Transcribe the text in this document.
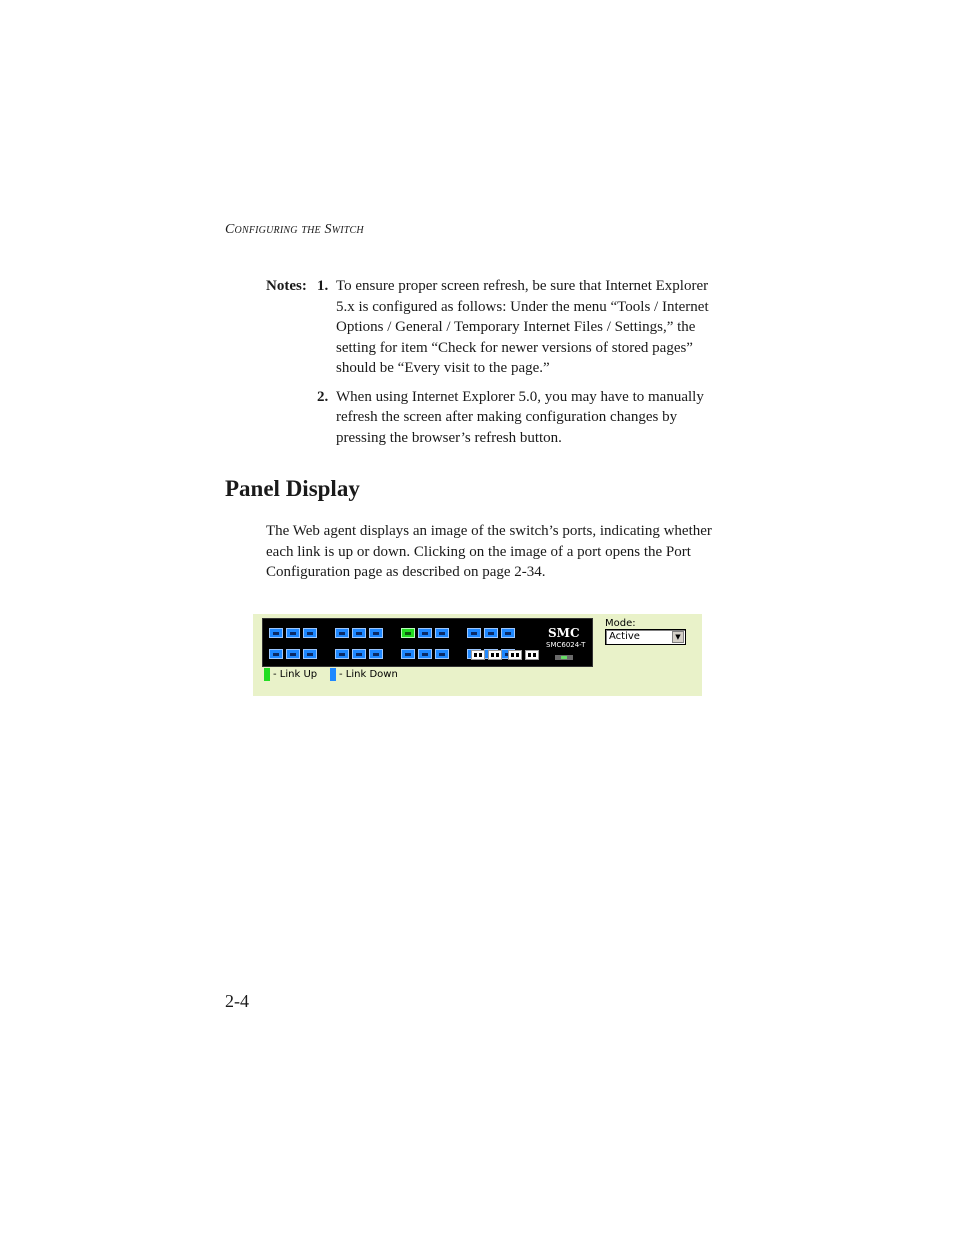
Configuring the Switch
Notes: 1. To ensure proper screen refresh, be sure that Internet Explorer 5.x is configured as follows: Under the menu “Tools / Internet Options / General / Temporary Internet Files / Settings,” the setting for item “Check for newer versions of stored pages” should be “Every visit to the page.”
2. When using Internet Explorer 5.0, you may have to manually refresh the screen after making configuration changes by pressing the browser’s refresh button.
Panel Display

The Web agent displays an image of the switch’s ports, indicating whether each link is up or down. Clicking on the image of a port opens the Port Configuration page as described on page 2-34.

SMC
SMC6024-T
- Link Up - Link Down
Mode:
Active	▼
2-4
